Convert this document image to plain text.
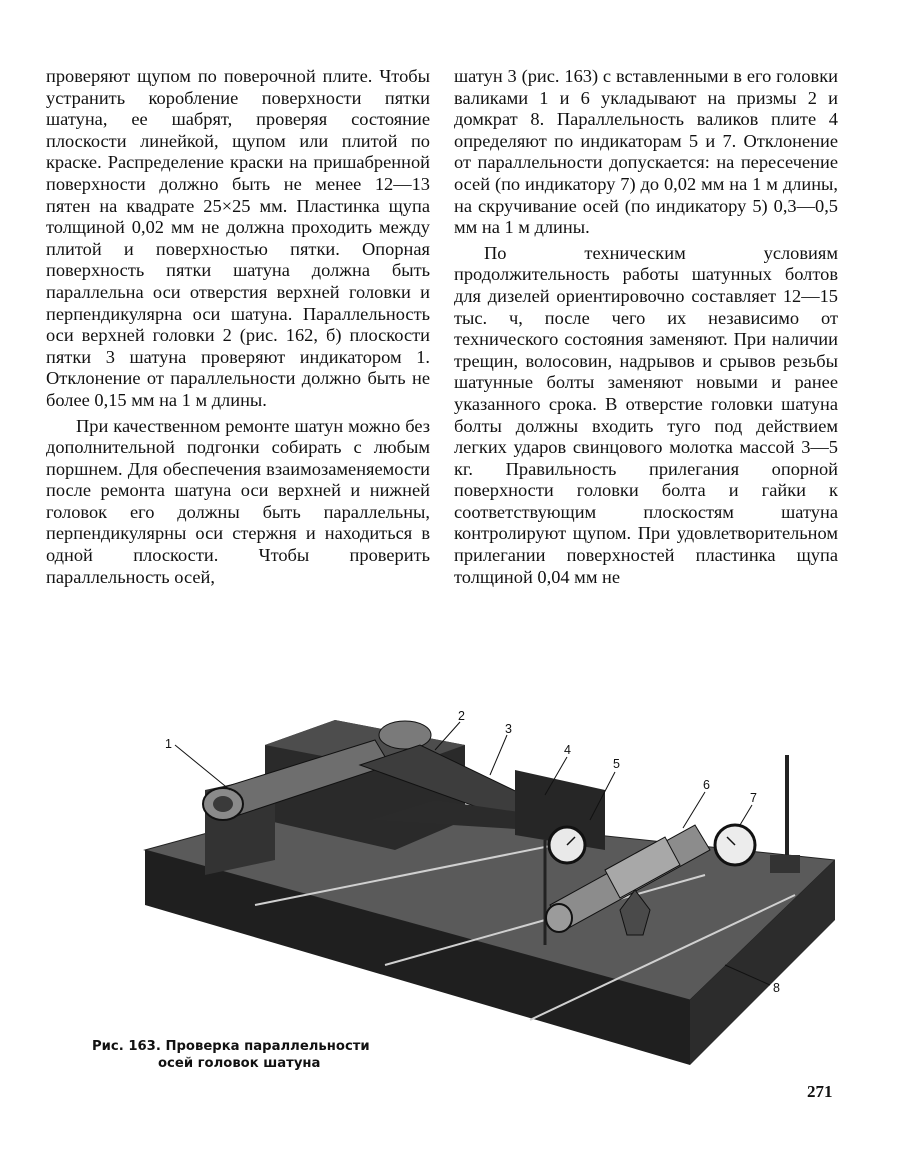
проверяют щупом по поверочной плите. Чтобы устранить коробление поверхности пятки шатуна, ее шабрят, проверяя состояние плоскости линейкой, щупом или плитой по краске. Распределение краски на пришабренной поверхности должно быть не менее 12—13 пятен на квадрате 25×25 мм. Пластинка щупа толщиной 0,02 мм не должна проходить между плитой и поверхностью пятки. Опорная поверхность пятки шатуна должна быть параллельна оси отверстия верхней головки и перпендикулярна оси шатуна. Параллельность оси верхней головки 2 (рис. 162, б) плоскости пятки 3 шатуна проверяют индикатором 1. Отклонение от параллельности должно быть не более 0,15 мм на 1 м длины.

При качественном ремонте шатун можно без дополнительной подгонки собирать с любым поршнем. Для обеспечения взаимозаменяемости после ремонта шатуна оси верхней и нижней головок его должны быть параллельны, перпендикулярны оси стержня и находиться в одной плоскости. Чтобы проверить параллельность осей,

шатун 3 (рис. 163) с вставленными в его головки валиками 1 и 6 укладывают на призмы 2 и домкрат 8. Параллельность валиков плите 4 определяют по индикаторам 5 и 7. Отклонение от параллельности допускается: на пересечение осей (по индикатору 7) до 0,02 мм на 1 м длины, на скручивание осей (по индикатору 5) 0,3—0,5 мм на 1 м длины.

По техническим условиям продолжительность работы шатунных болтов для дизелей ориентировочно составляет 12—15 тыс. ч, после чего их независимо от технического состояния заменяют. При наличии трещин, волосовин, надрывов и срывов резьбы шатунные болты заменяют новыми и ранее указанного срока. В отверстие головки шатуна болты должны входить туго под действием легких ударов свинцового молотка массой 3—5 кг. Правильность прилегания опорной поверхности головки болта и гайки к соответствующим плоскостям шатуна контролируют щупом. При удовлетворительном прилегании поверхностей пластинка щупа толщиной 0,04 мм не

1
2
3
4
5
6
7
8
Рис. 163. Проверка параллельности
осей головок шатуна
271
